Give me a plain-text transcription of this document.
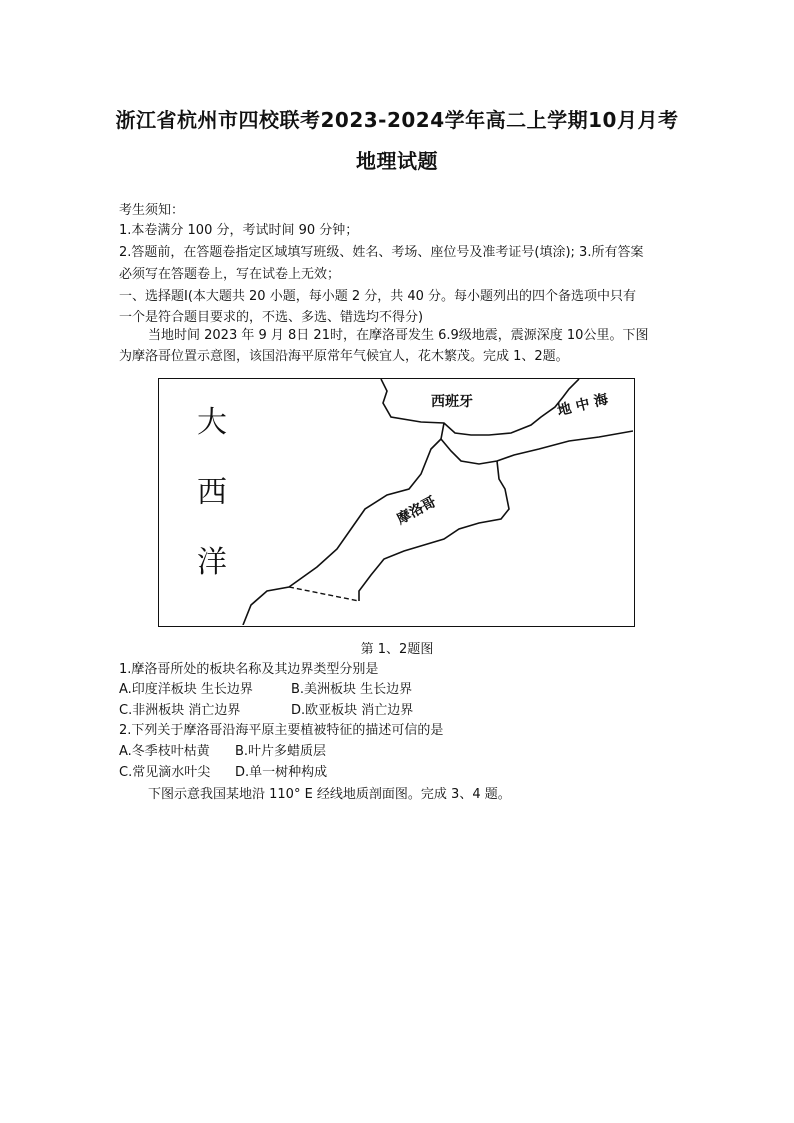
浙江省杭州市四校联考2023-2024学年高二上学期10月月考
地理试题
考生须知：
1.本卷满分 100 分，考试时间 90 分钟；
2.答题前，在答题卷指定区域填写班级、姓名、考场、座位号及准考证号(填涂); 3.所有答案
必须写在答题卷上，写在试卷上无效；
一、选择题Ⅰ(本大题共 20 小题，每小题 2 分，共 40 分。每小题列出的四个备选项中只有
一个是符合题目要求的，不选、多选、错选均不得分)
当地时间 2023 年 9 月 8日 21时，在摩洛哥发生 6.9级地震，震源深度 10公里。下图
为摩洛哥位置示意图，该国沿海平原常年气候宜人，花木繁茂。完成 1、2题。
大
西
洋
西班牙	地 中 海
摩洛哥
第 1、2题图
1.摩洛哥所处的板块名称及其边界类型分别是
A.印度洋板块 生长边界	B.美洲板块 生长边界
C.非洲板块 消亡边界	D.欧亚板块 消亡边界
2.下列关于摩洛哥沿海平原主要植被特征的描述可信的是
A.冬季枝叶枯黄 B.叶片多蜡质层
C.常见滴水叶尖 D.单一树种构成
下图示意我国某地沿 110° E 经线地质剖面图。完成 3、4 题。
